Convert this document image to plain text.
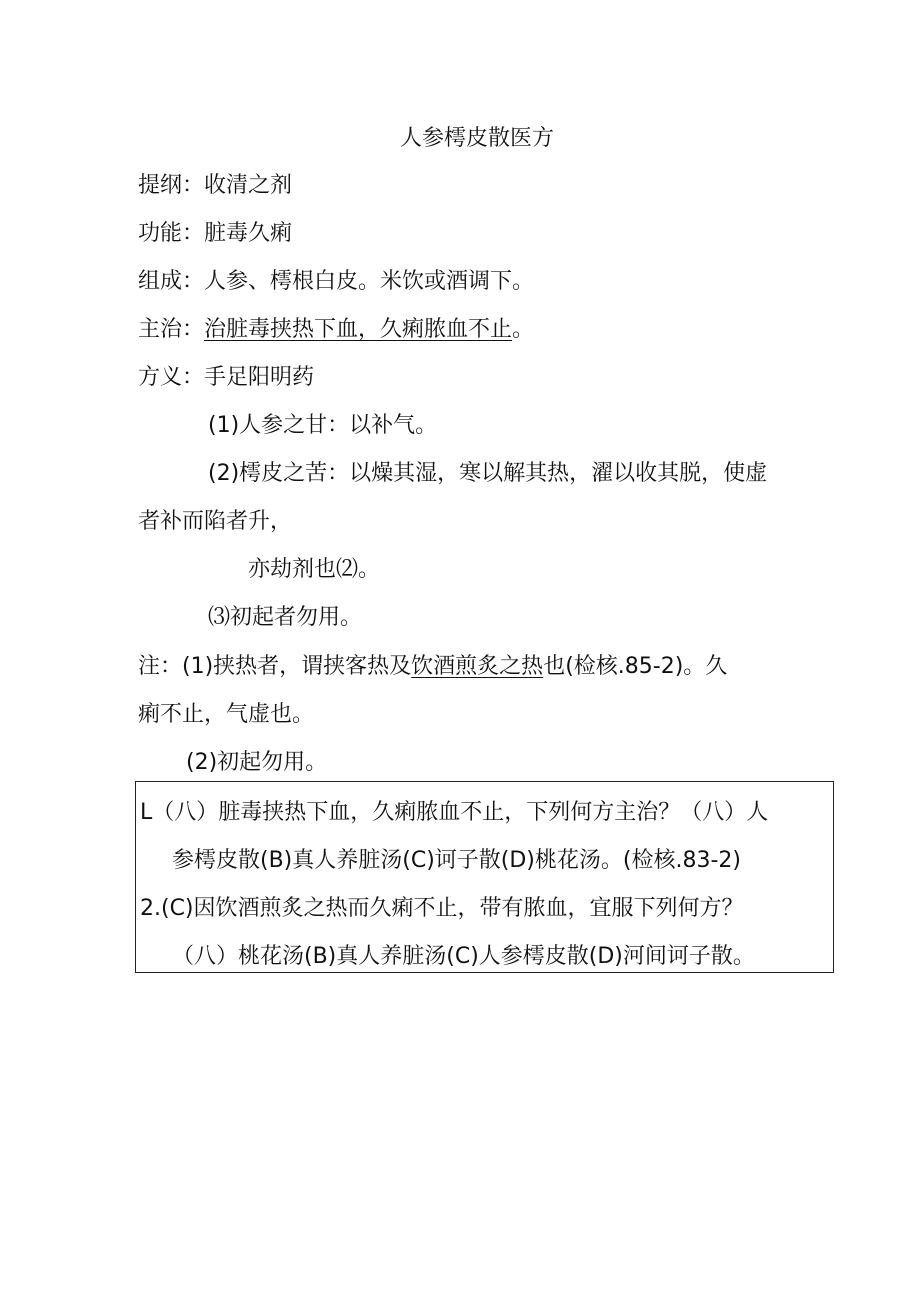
人参樗皮散医方
提纲：收清之剂
功能：脏毒久痢
组成：人参、樗根白皮。米饮或酒调下。
主治：治脏毒挟热下血，久痢脓血不止。
方义：手足阳明药
(1)人参之甘：以补气。
(2)樗皮之苦：以燥其湿，寒以解其热，濯以收其脱，使虚
者补而陷者升，
亦劫剂也⑵。
⑶初起者勿用。
注：(1)挟热者，谓挟客热及饮酒煎炙之热也(检核.85-2)。久
痢不止，气虚也。
(2)初起勿用。
L（八）脏毒挟热下血，久痢脓血不止，下列何方主治？（八）人
参樗皮散(B)真人养脏汤(C)诃子散(D)桃花汤。(检核.83-2)
2.(C)因饮酒煎炙之热而久痢不止，带有脓血，宜服下列何方？
（八）桃花汤(B)真人养脏汤(C)人参樗皮散(D)河间诃子散。
